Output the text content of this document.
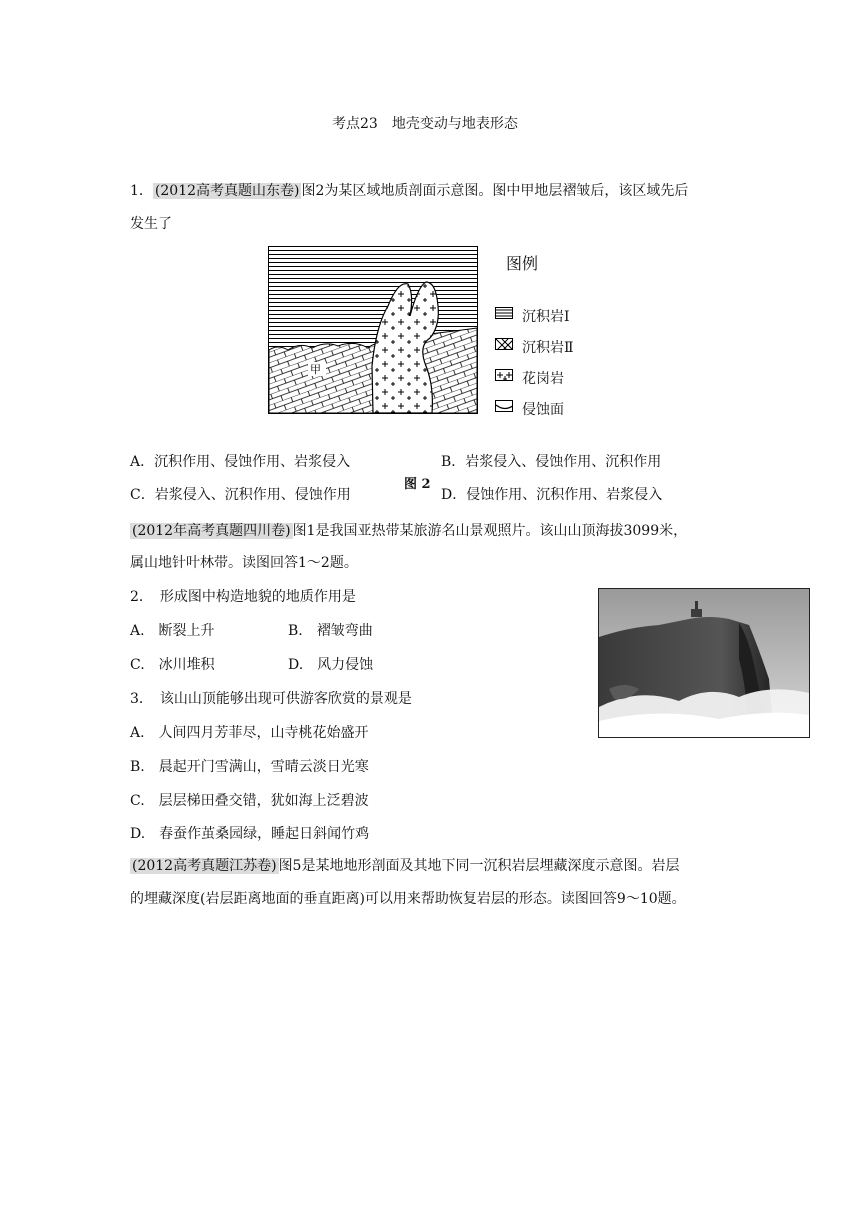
考点23　地壳变动与地表形态
1． (2012高考真题山东卷) 图2为某区域地质剖面示意图。图中甲地层褶皱后，该区域先后
发生了
甲
图例
沉积岩Ⅰ
沉积岩Ⅱ
花岗岩
侵蚀面
A．沉积作用、侵蚀作用、岩浆侵入	B．岩浆侵入、侵蚀作用、沉积作用
图 2
C．岩浆侵入、沉积作用、侵蚀作用	D．侵蚀作用、沉积作用、岩浆侵入
(2012年高考真题四川卷) 图1是我国亚热带某旅游名山景观照片。该山山顶海拔3099米，
属山地针叶林带。读图回答1～2题。
2．　形成图中构造地貌的地质作用是
A.　断裂上升	B.　褶皱弯曲
C.　冰川堆积	D.　风力侵蚀
3．　该山山顶能够出现可供游客欣赏的景观是
A.　人间四月芳菲尽，山寺桃花始盛开
B.　晨起开门雪满山，雪晴云淡日光寒
C.　层层梯田叠交错，犹如海上泛碧波
D.　春蚕作茧桑园绿，睡起日斜闻竹鸡
(2012高考真题江苏卷) 图5是某地地形剖面及其地下同一沉积岩层埋藏深度示意图。岩层
的埋藏深度(岩层距离地面的垂直距离)可以用来帮助恢复岩层的形态。读图回答9～10题。
